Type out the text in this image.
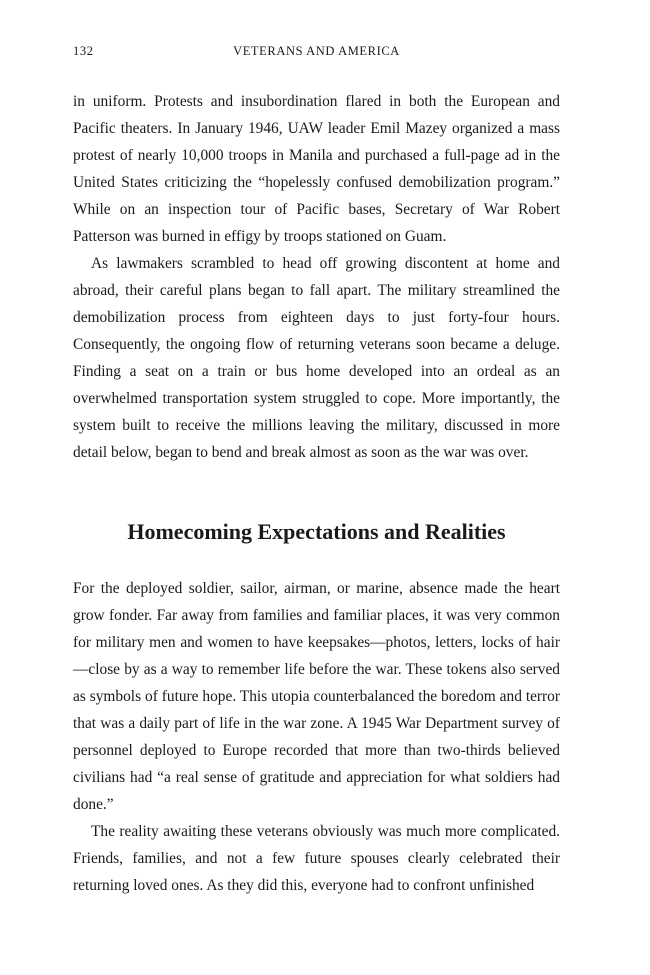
132	VETERANS AND AMERICA

in uniform. Protests and insubordination flared in both the European and Pacific theaters. In January 1946, UAW leader Emil Mazey organized a mass protest of nearly 10,000 troops in Manila and purchased a full-page ad in the United States criticizing the “hopelessly confused demobilization program.” While on an inspection tour of Pacific bases, Secretary of War Robert Patterson was burned in effigy by troops stationed on Guam.

As lawmakers scrambled to head off growing discontent at home and abroad, their careful plans began to fall apart. The military streamlined the demobilization process from eighteen days to just forty-four hours. Consequently, the ongoing flow of returning veterans soon became a deluge. Finding a seat on a train or bus home developed into an ordeal as an overwhelmed transportation system struggled to cope. More importantly, the system built to receive the millions leaving the military, discussed in more detail below, began to bend and break almost as soon as the war was over.

Homecoming Expectations and Realities

For the deployed soldier, sailor, airman, or marine, absence made the heart grow fonder. Far away from families and familiar places, it was very common for military men and women to have keepsakes—photos, letters, locks of hair—close by as a way to remember life before the war. These tokens also served as symbols of future hope. This utopia counterbalanced the boredom and terror that was a daily part of life in the war zone. A 1945 War Department survey of personnel deployed to Europe recorded that more than two-thirds believed civilians had “a real sense of gratitude and appreciation for what soldiers had done.”

The reality awaiting these veterans obviously was much more complicated. Friends, families, and not a few future spouses clearly celebrated their returning loved ones. As they did this, everyone had to confront unfinished
